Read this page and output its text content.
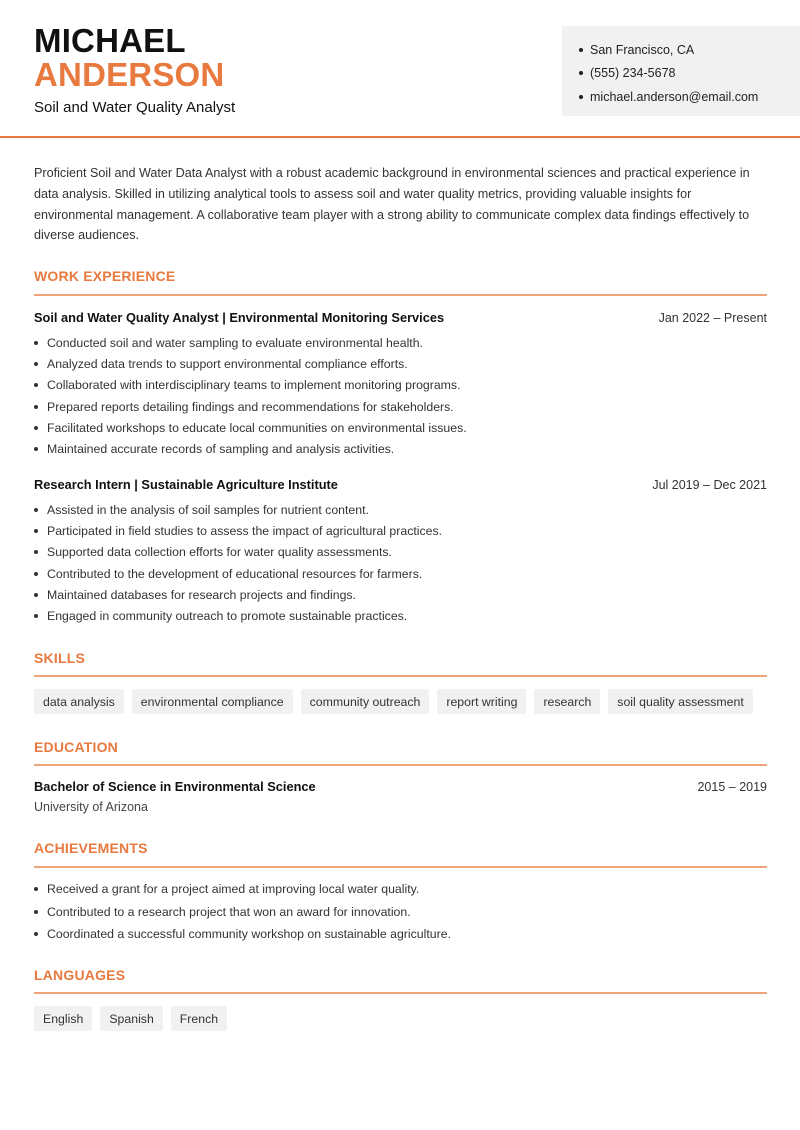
MICHAEL
ANDERSON
Soil and Water Quality Analyst
San Francisco, CA
(555) 234-5678
michael.anderson@email.com

Proficient Soil and Water Data Analyst with a robust academic background in environmental sciences and practical experience in data analysis. Skilled in utilizing analytical tools to assess soil and water quality metrics, providing valuable insights for environmental management. A collaborative team player with a strong ability to communicate complex data findings effectively to diverse audiences.

WORK EXPERIENCE
Soil and Water Quality Analyst | Environmental Monitoring Services	Jan 2022 – Present
Conducted soil and water sampling to evaluate environmental health.
Analyzed data trends to support environmental compliance efforts.
Collaborated with interdisciplinary teams to implement monitoring programs.
Prepared reports detailing findings and recommendations for stakeholders.
Facilitated workshops to educate local communities on environmental issues.
Maintained accurate records of sampling and analysis activities.
Research Intern | Sustainable Agriculture Institute	Jul 2019 – Dec 2021
Assisted in the analysis of soil samples for nutrient content.
Participated in field studies to assess the impact of agricultural practices.
Supported data collection efforts for water quality assessments.
Contributed to the development of educational resources for farmers.
Maintained databases for research projects and findings.
Engaged in community outreach to promote sustainable practices.
SKILLS
data analysis	environmental compliance	community outreach	report writing	research	soil quality assessment
EDUCATION
Bachelor of Science in Environmental Science	2015 – 2019
University of Arizona
ACHIEVEMENTS
Received a grant for a project aimed at improving local water quality.
Contributed to a research project that won an award for innovation.
Coordinated a successful community workshop on sustainable agriculture.
LANGUAGES
English	Spanish	French
